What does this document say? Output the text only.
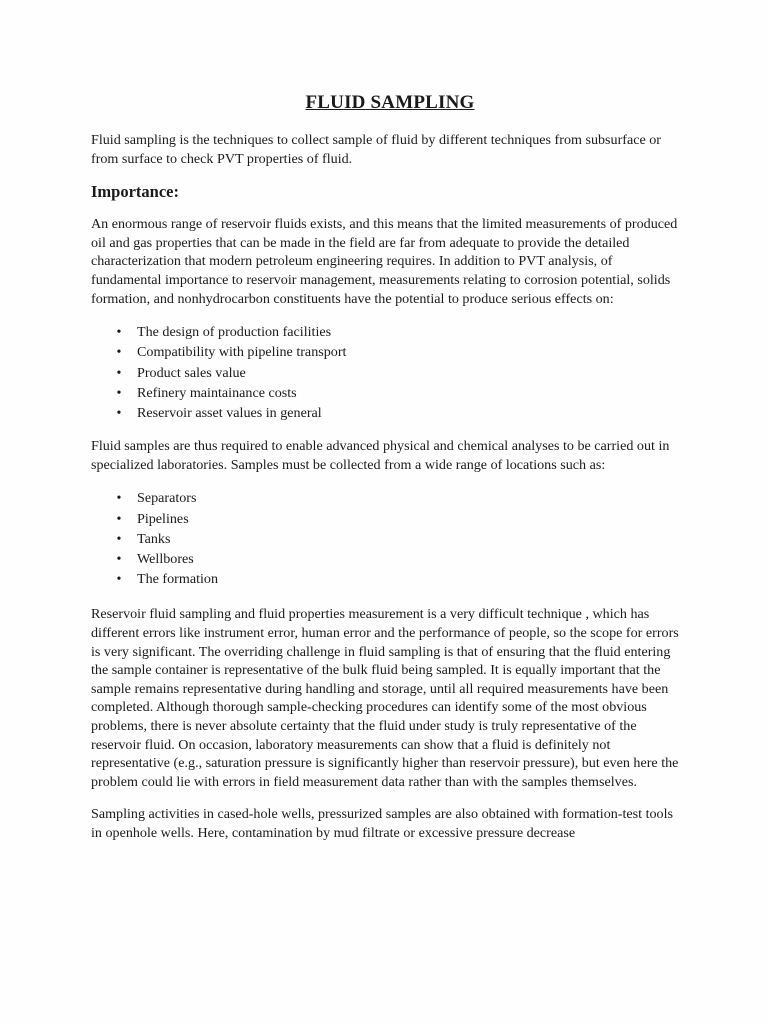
FLUID SAMPLING

Fluid sampling is the techniques to collect sample of fluid by different techniques from subsurface or from surface to check PVT properties of fluid.

Importance:

An enormous range of reservoir fluids exists, and this means that the limited measurements of produced oil and gas properties that can be made in the field are far from adequate to provide the detailed characterization that modern petroleum engineering requires. In addition to PVT analysis, of fundamental importance to reservoir management, measurements relating to corrosion potential, solids formation, and nonhydrocarbon constituents have the potential to produce serious effects on:

• The design of production facilities
• Compatibility with pipeline transport
• Product sales value
• Refinery maintainance costs
• Reservoir asset values in general

Fluid samples are thus required to enable advanced physical and chemical analyses to be carried out in specialized laboratories. Samples must be collected from a wide range of locations such as:

• Separators
• Pipelines
• Tanks
• Wellbores
• The formation

Reservoir fluid sampling and fluid properties measurement is a very difficult technique , which has different errors like instrument error, human error and the performance of people, so the scope for errors is very significant. The overriding challenge in fluid sampling is that of ensuring that the fluid entering the sample container is representative of the bulk fluid being sampled. It is equally important that the sample remains representative during handling and storage, until all required measurements have been completed. Although thorough sample-checking procedures can identify some of the most obvious problems, there is never absolute certainty that the fluid under study is truly representative of the reservoir fluid. On occasion, laboratory measurements can show that a fluid is definitely not representative (e.g., saturation pressure is significantly higher than reservoir pressure), but even here the problem could lie with errors in field measurement data rather than with the samples themselves.

Sampling activities in cased-hole wells, pressurized samples are also obtained with formation-test tools in openhole wells. Here, contamination by mud filtrate or excessive pressure decrease
